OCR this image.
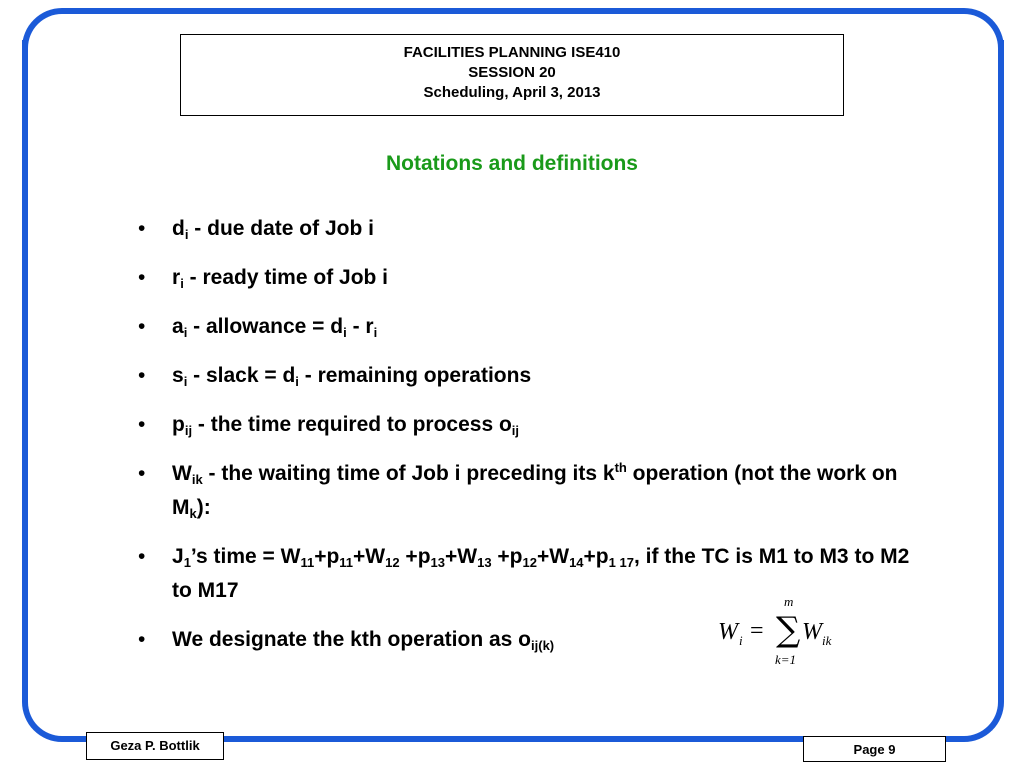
FACILITIES PLANNING ISE410
SESSION 20
Scheduling, April 3, 2013
Notations and definitions
• $d_i$ - due date of Job i
• $r_i$ - ready time of Job i
• $a_i$ - allowance = $d_i - r_i$
• $s_i$ - slack = $d_i$ - remaining operations
• $p_{ij}$ - the time required to process $o_{ij}$
• $W_{ik}$ - the waiting time of Job i preceding its $k^{th}$ operation (not the work on $M_k$):
• $J_1’s$ time = $W_{11}+p_{11}+W_{12} +p_{13}+W_{13} +p_{12}+W_{14}+p_{1 17}$, if the TC is M1 to M3 to M2 to M17
• We designate the kth operation as $o_{ij(k)}$
W i = ∑
m
k=1
W ik
Geza P. Bottlik	Page 9
